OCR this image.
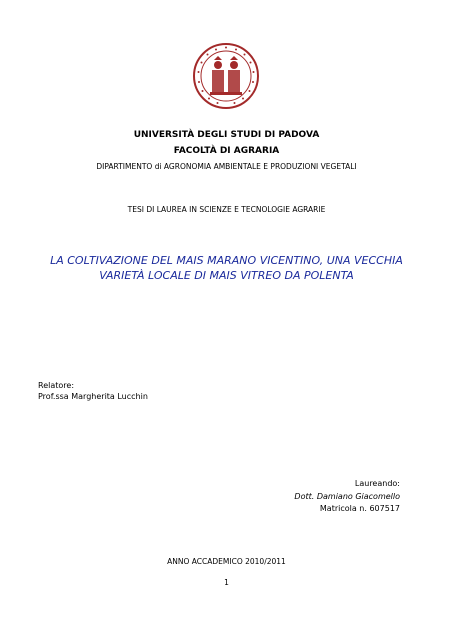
UNIVERSITÀ DEGLI STUDI DI PADOVA
FACOLTÀ DI AGRARIA
DIPARTIMENTO di AGRONOMIA AMBIENTALE E PRODUZIONI VEGETALI
TESI DI LAUREA IN SCIENZE E TECNOLOGIE AGRARIE
LA COLTIVAZIONE DEL MAIS MARANO VICENTINO, UNA VECCHIA
VARIETÀ LOCALE DI MAIS VITREO DA POLENTA
Relatore:
Prof.ssa Margherita Lucchin
Laureando:
Dott. Damiano Giacomello
Matricola n. 607517
ANNO ACCADEMICO 2010/2011
1
